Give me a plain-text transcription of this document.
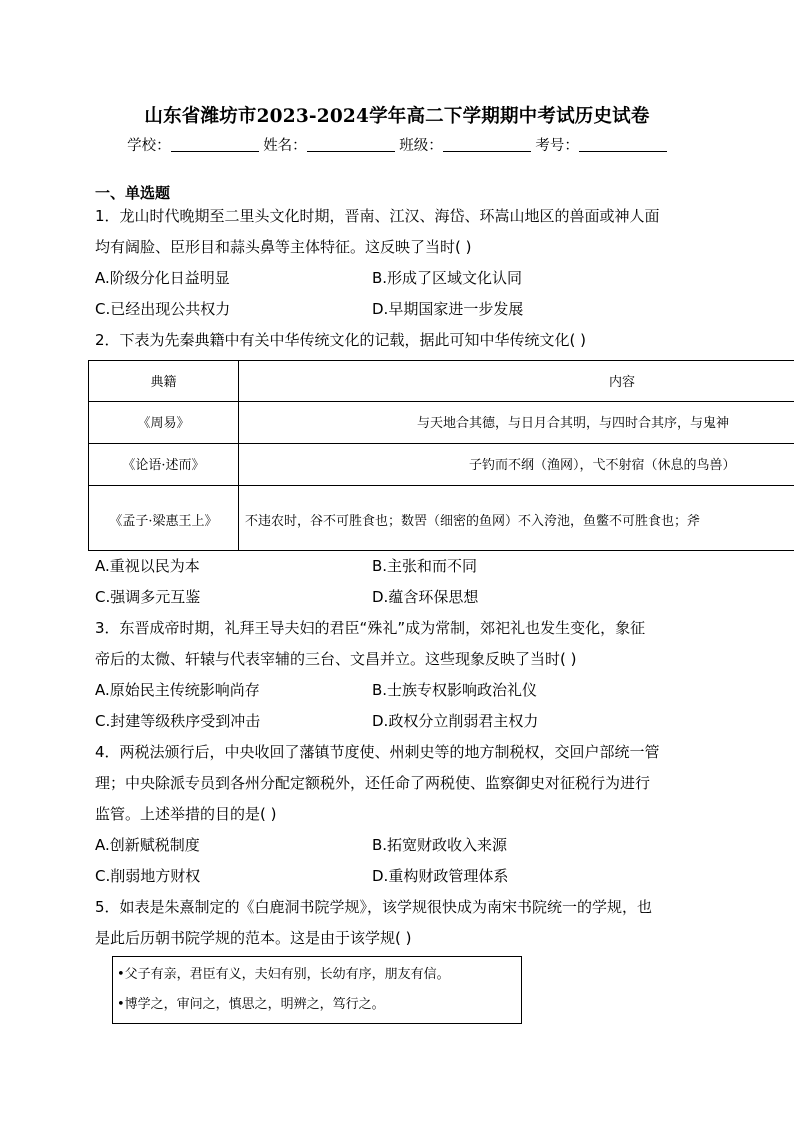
山东省潍坊市2023-2024学年高二下学期期中考试历史试卷
学校：	姓名：	班级：	考号：
一、单选题
1．龙山时代晚期至二里头文化时期，晋南、江汉、海岱、环嵩山地区的兽面或神人面
均有阔脸、臣形目和蒜头鼻等主体特征。这反映了当时( )
A.阶级分化日益明显	B.形成了区域文化认同
C.已经出现公共权力	D.早期国家进一步发展
2．下表为先秦典籍中有关中华传统文化的记载，据此可知中华传统文化( )
典籍	内容
《周易》	与天地合其德，与日月合其明，与四时合其序，与鬼神
《论语·述而》	子钓而不纲（渔网），弋不射宿（休息的鸟兽）
《孟子·梁惠王上》	不违农时，谷不可胜食也；数罟（细密的鱼网）不入洿池，鱼鳖不可胜食也；斧
A.重视以民为本	B.主张和而不同
C.强调多元互鉴	D.蕴含环保思想
3．东晋成帝时期，礼拜王导夫妇的君臣“殊礼”成为常制，郊祀礼也发生变化，象征
帝后的太微、轩辕与代表宰辅的三台、文昌并立。这些现象反映了当时( )
A.原始民主传统影响尚存	B.士族专权影响政治礼仪
C.封建等级秩序受到冲击	D.政权分立削弱君主权力
4．两税法颁行后，中央收回了藩镇节度使、州刺史等的地方制税权，交回户部统一管
理；中央除派专员到各州分配定额税外，还任命了两税使、监察御史对征税行为进行
监管。上述举措的目的是( )
A.创新赋税制度	B.拓宽财政收入来源
C.削弱地方财权	D.重构财政管理体系
5．如表是朱熹制定的《白鹿洞书院学规》，该学规很快成为南宋书院统一的学规，也
是此后历朝书院学规的范本。这是由于该学规( )
•父子有亲，君臣有义，夫妇有别，长幼有序，朋友有信。
•博学之，审问之，慎思之，明辨之，笃行之。
